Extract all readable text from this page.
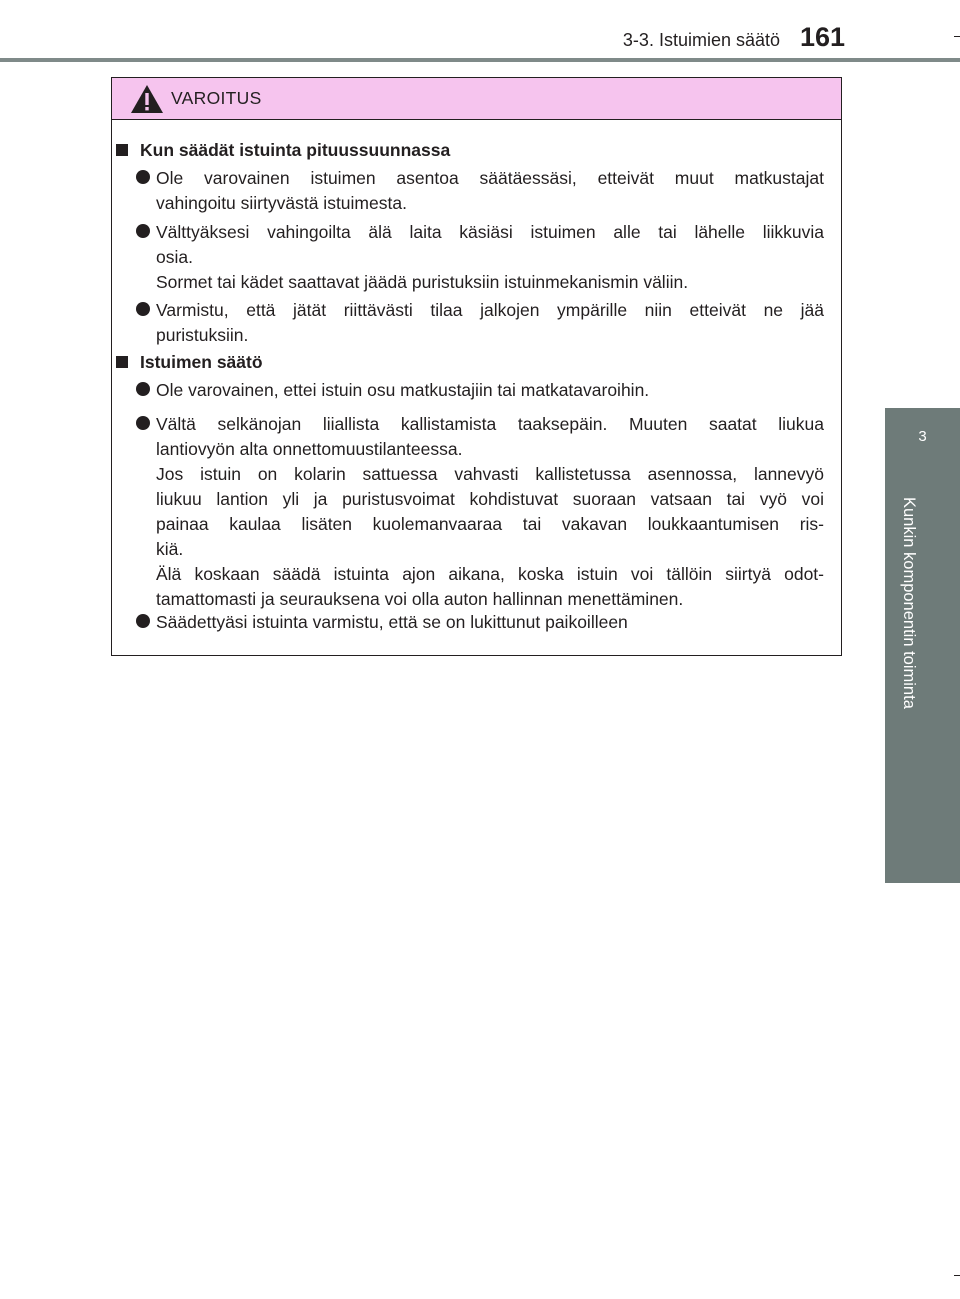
3-3. Istuimien säätö 161
3
Kunkin komponentin toiminta
VAROITUS
Kun säädät istuinta pituussuunnassa
Ole varovainen istuimen asentoa säätäessäsi, etteivät muut matkustajat
vahingoitu siirtyvästä istuimesta.
Välttyäksesi vahingoilta älä laita käsiäsi istuimen alle tai lähelle liikkuvia
osia.
Sormet tai kädet saattavat jäädä puristuksiin istuinmekanismin väliin.
Varmistu, että jätät riittävästi tilaa jalkojen ympärille niin etteivät ne jää
puristuksiin.
Istuimen säätö
Ole varovainen, ettei istuin osu matkustajiin tai matkatavaroihin.
Vältä selkänojan liiallista kallistamista taaksepäin. Muuten saatat liukua
lantiovyön alta onnettomuustilanteessa.
Jos istuin on kolarin sattuessa vahvasti kallistetussa asennossa, lannevyö
liukuu lantion yli ja puristusvoimat kohdistuvat suoraan vatsaan tai vyö voi
painaa kaulaa lisäten kuolemanvaaraa tai vakavan loukkaantumisen ris-
kiä.
Älä koskaan säädä istuinta ajon aikana, koska istuin voi tällöin siirtyä odot-
tamattomasti ja seurauksena voi olla auton hallinnan menettäminen.
Säädettyäsi istuinta varmistu, että se on lukittunut paikoilleen
